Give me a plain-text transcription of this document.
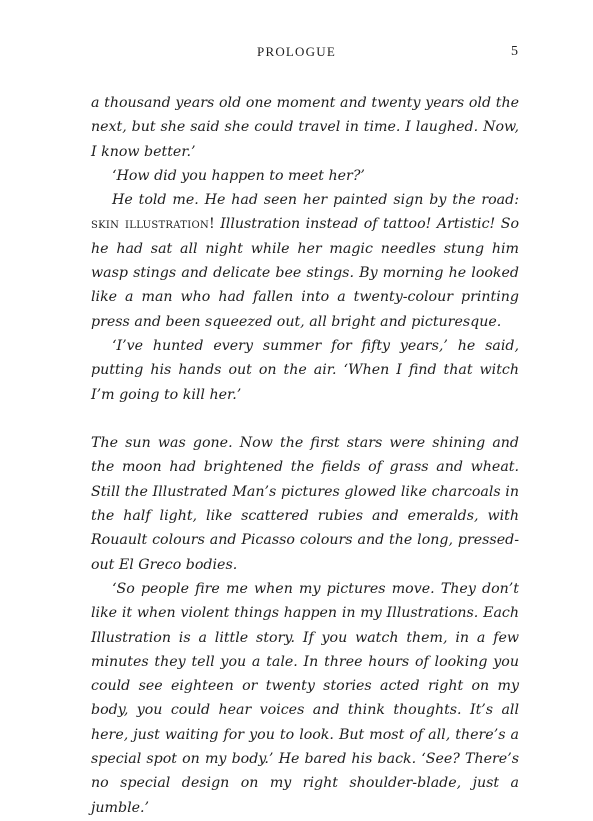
PROLOGUE	5

a thousand years old one moment and twenty years old the next, but she said she could travel in time. I laughed. Now, I know better.’

‘How did you happen to meet her?’

He told me. He had seen her painted sign by the road: skin illustration! Illustration instead of tattoo! Artistic! So he had sat all night while her magic needles stung him wasp stings and delicate bee stings. By morning he looked like a man who had fallen into a twenty-colour printing press and been squeezed out, all bright and picturesque.

‘I’ve hunted every summer for fifty years,’ he said, putting his hands out on the air. ‘When I find that witch I’m going to kill her.’

The sun was gone. Now the first stars were shining and the moon had brightened the fields of grass and wheat. Still the Illustrated Man’s pictures glowed like charcoals in the half light, like scattered rubies and emeralds, with Rouault colours and Picasso colours and the long, pressed-out El Greco bodies.

‘So people fire me when my pictures move. They don’t like it when violent things happen in my Illustrations. Each Illustration is a little story. If you watch them, in a few minutes they tell you a tale. In three hours of looking you could see eighteen or twenty stories acted right on my body, you could hear voices and think thoughts. It’s all here, just waiting for you to look. But most of all, there’s a special spot on my body.’ He bared his back. ‘See? There’s no special design on my right shoulder-blade, just a jumble.’
